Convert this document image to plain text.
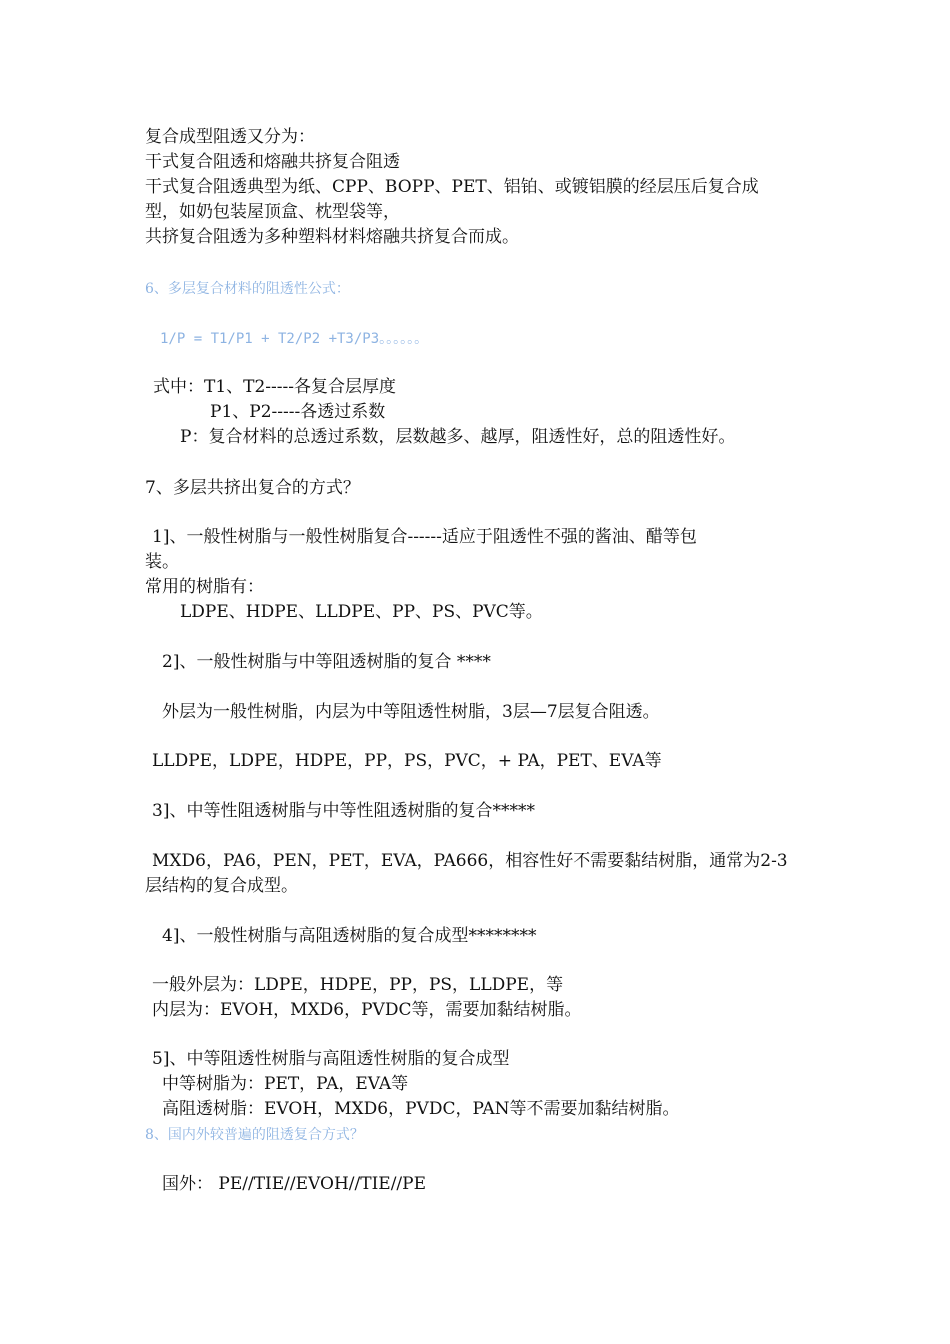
复合成型阻透又分为：
干式复合阻透和熔融共挤复合阻透
干式复合阻透典型为纸、CPP、BOPP、PET、铝铂、或镀铝膜的经层压后复合成
型，如奶包装屋顶盒、枕型袋等，
共挤复合阻透为多种塑料材料熔融共挤复合而成。
6、多层复合材料的阻透性公式：
1/P = T1/P1 + T2/P2 +T3/P3。。。。。。
式中：T1、T2-----各复合层厚度
P1、P2-----各透过系数
P：复合材料的总透过系数，层数越多、越厚，阻透性好，总的阻透性好。
7、多层共挤出复合的方式？
1]、一般性树脂与一般性树脂复合------适应于阻透性不强的酱油、醋等包
装。
常用的树脂有：
LDPE、HDPE、LLDPE、PP、PS、PVC等。
2]、一般性树脂与中等阻透树脂的复合 ****
外层为一般性树脂，内层为中等阻透性树脂，3层—7层复合阻透。
LLDPE，LDPE，HDPE，PP，PS，PVC，+ PA，PET、EVA等
3]、中等性阻透树脂与中等性阻透树脂的复合*****
MXD6，PA6，PEN，PET，EVA，PA666，相容性好不需要黏结树脂，通常为2-3
层结构的复合成型。
4]、一般性树脂与高阻透树脂的复合成型********
一般外层为：LDPE，HDPE，PP，PS，LLDPE，等
内层为：EVOH，MXD6，PVDC等，需要加黏结树脂。
5]、中等阻透性树脂与高阻透性树脂的复合成型
中等树脂为：PET，PA，EVA等
高阻透树脂：EVOH，MXD6，PVDC，PAN等不需要加黏结树脂。
8、国内外较普遍的阻透复合方式？
国外： PE//TIE//EVOH//TIE//PE
